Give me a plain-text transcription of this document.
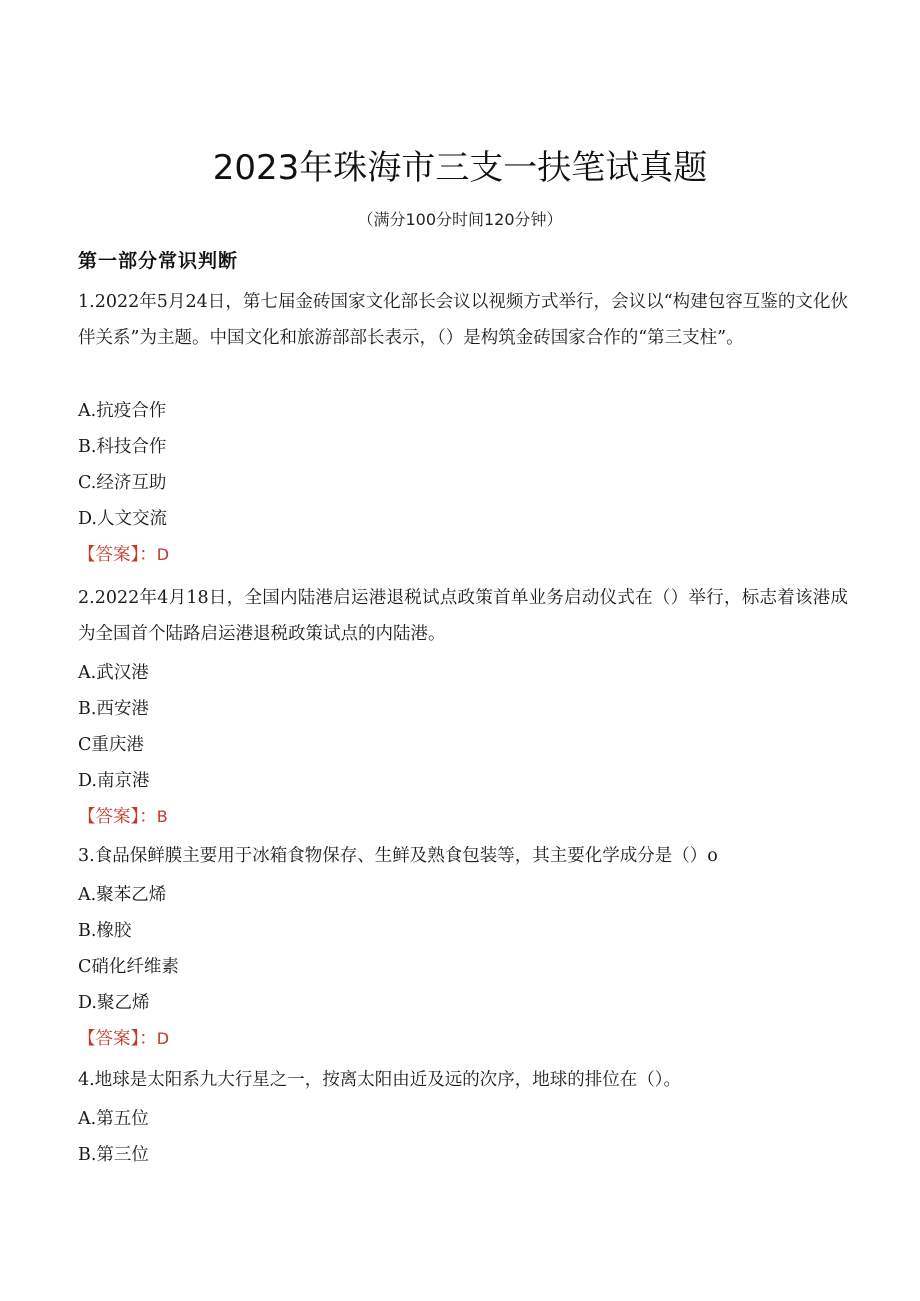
2023年珠海市三支一扶笔试真题
（满分100分时间120分钟）
第一部分常识判断
1.2022年5月24日，第七届金砖国家文化部长会议以视频方式举行，会议以“构建包容互鉴的文化伙伴关系”为主题。中国文化和旅游部部长表示，（）是构筑金砖国家合作的“第三支柱”。
A.抗疫合作
B.科技合作
C.经济互助
D.人文交流
【答案】：D
2.2022年4月18日，全国内陆港启运港退税试点政策首单业务启动仪式在（）举行，标志着该港成为全国首个陆路启运港退税政策试点的内陆港。
A.武汉港
B.西安港
C重庆港
D.南京港
【答案】：B
3.食品保鲜膜主要用于冰箱食物保存、生鲜及熟食包装等，其主要化学成分是（）o
A.聚苯乙烯
B.橡胶
C硝化纤维素
D.聚乙烯
【答案】：D
4.地球是太阳系九大行星之一，按离太阳由近及远的次序，地球的排位在（）。
A.第五位
B.第三位
